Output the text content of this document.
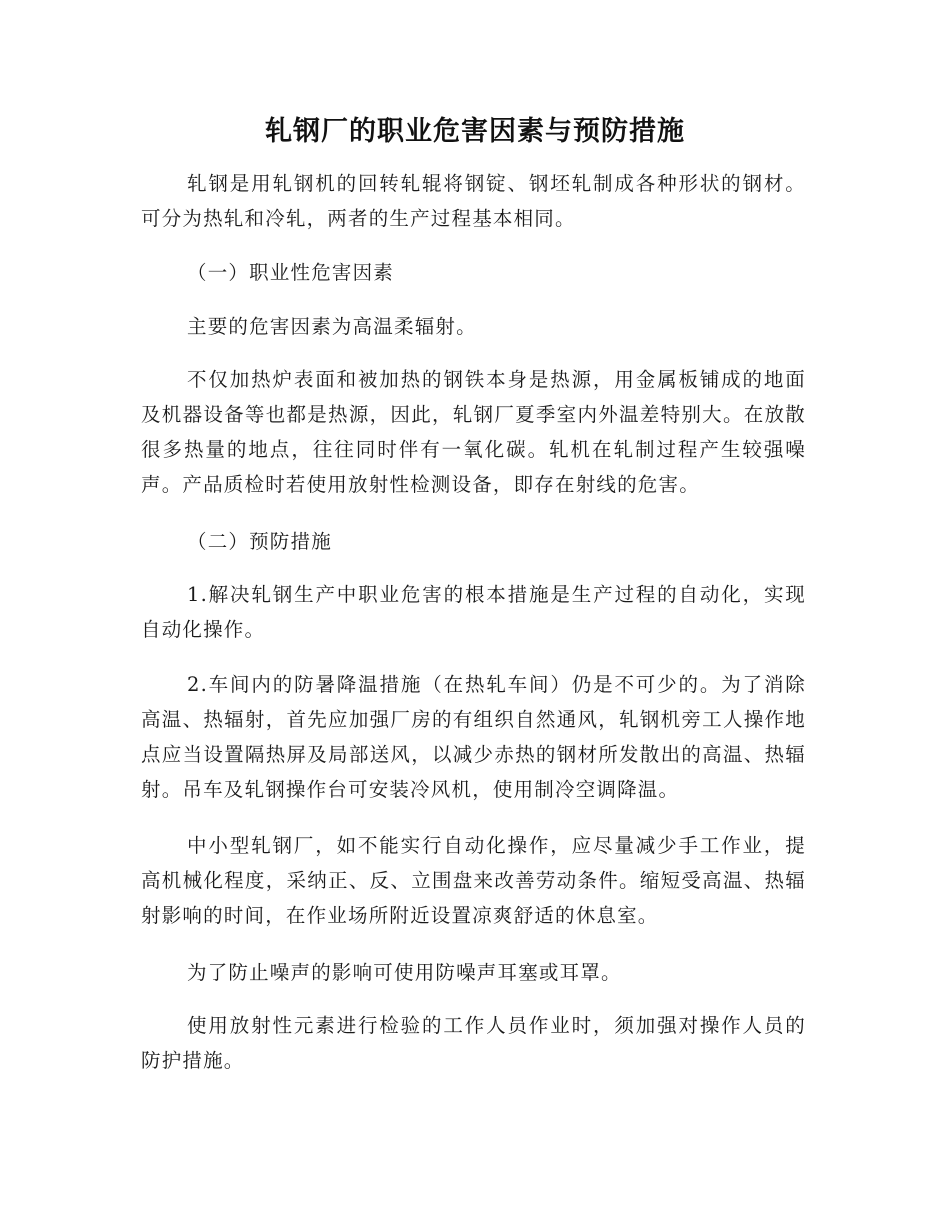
轧钢厂的职业危害因素与预防措施

轧钢是用轧钢机的回转轧辊将钢锭、钢坯轧制成各种形状的钢材。可分为热轧和冷轧，两者的生产过程基本相同。

（一）职业性危害因素

主要的危害因素为高温柔辐射。

不仅加热炉表面和被加热的钢铁本身是热源，用金属板铺成的地面及机器设备等也都是热源，因此，轧钢厂夏季室内外温差特别大。在放散很多热量的地点，往往同时伴有一氧化碳。轧机在轧制过程产生较强噪声。产品质检时若使用放射性检测设备，即存在射线的危害。

（二）预防措施

1.解决轧钢生产中职业危害的根本措施是生产过程的自动化，实现自动化操作。

2.车间内的防暑降温措施（在热轧车间）仍是不可少的。为了消除高温、热辐射，首先应加强厂房的有组织自然通风，轧钢机旁工人操作地点应当设置隔热屏及局部送风，以减少赤热的钢材所发散出的高温、热辐射。吊车及轧钢操作台可安装冷风机，使用制冷空调降温。

中小型轧钢厂，如不能实行自动化操作，应尽量减少手工作业，提高机械化程度，采纳正、反、立围盘来改善劳动条件。缩短受高温、热辐射影响的时间，在作业场所附近设置凉爽舒适的休息室。

为了防止噪声的影响可使用防噪声耳塞或耳罩。

使用放射性元素进行检验的工作人员作业时，须加强对操作人员的防护措施。
